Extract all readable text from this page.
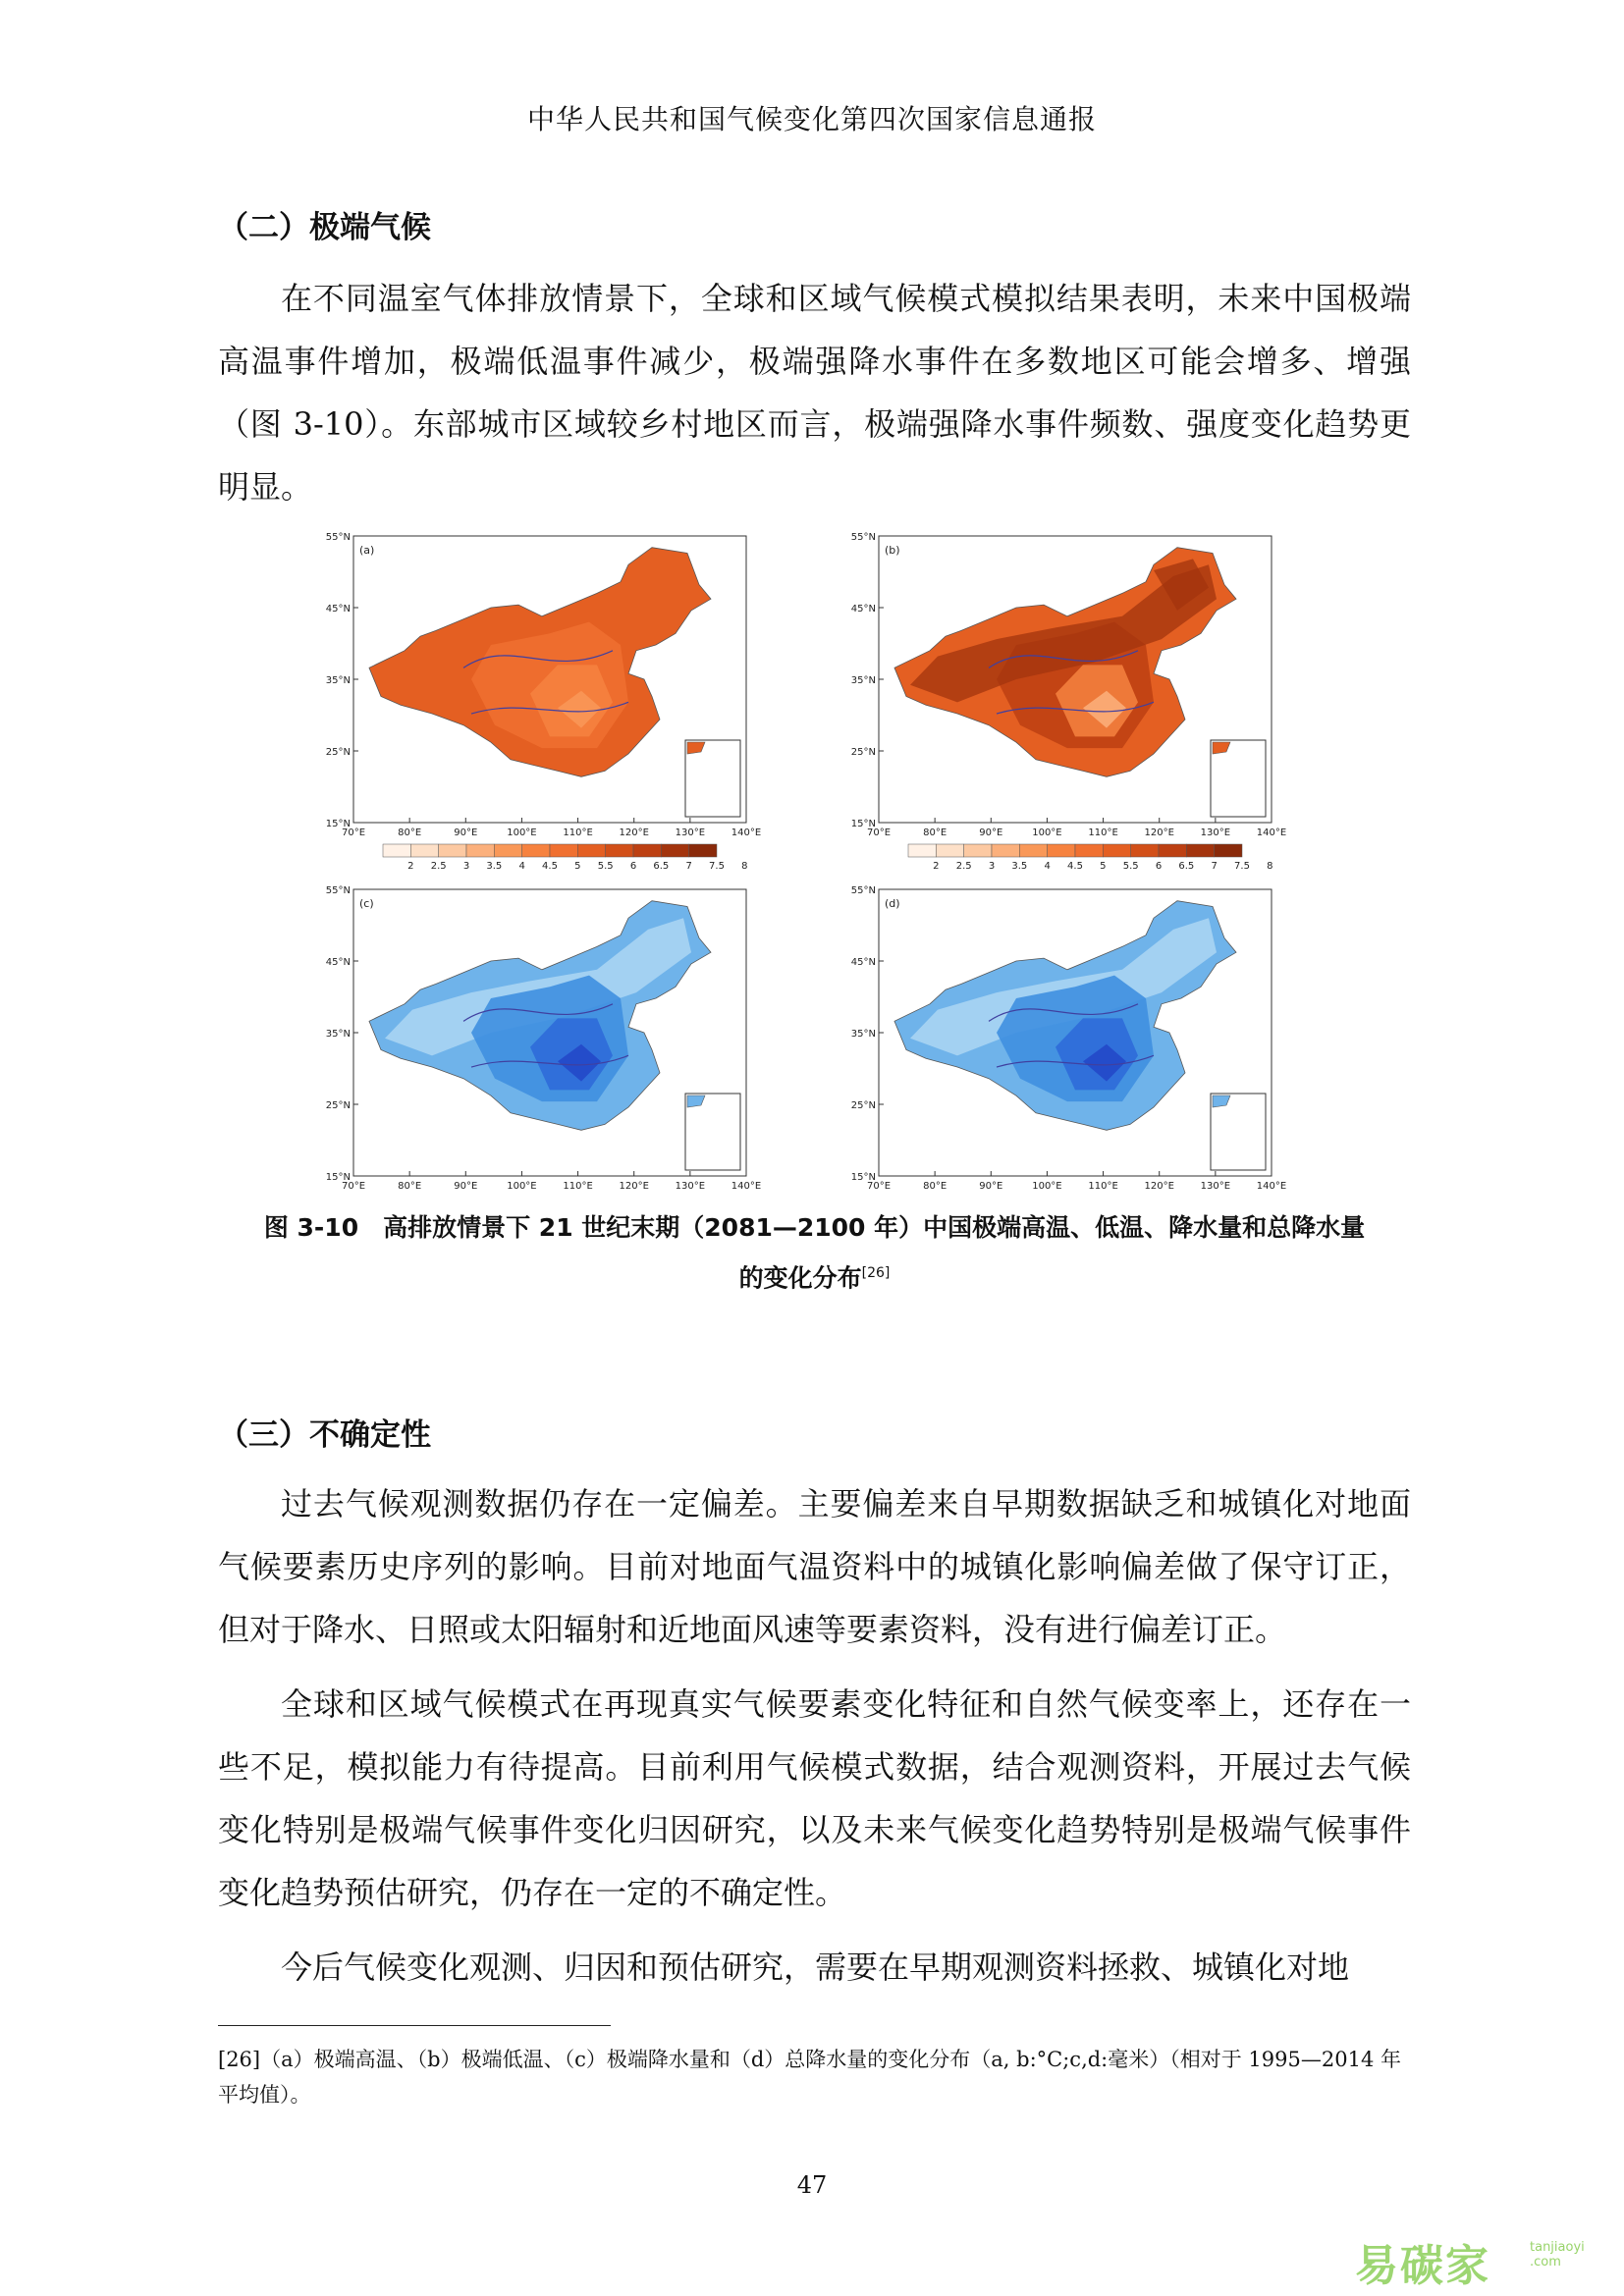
中华人民共和国气候变化第四次国家信息通报
（二）极端气候

在不同温室气体排放情景下，全球和区域气候模式模拟结果表明，未来中国极端高温事件增加，极端低温事件减少，极端强降水事件在多数地区可能会增多、增强（图 3-10）。东部城市区域较乡村地区而言，极端强降水事件频数、强度变化趋势更明显。

(a)
55°N
45°N
35°N
25°N
15°N
70°E	80°E	90°E	100°E	110°E	120°E	130°E	140°E
2 2.5 3 3.5 4 4.5 5 5.5 6 6.5 7 7.5 8
(b)
55°N
45°N
35°N
25°N
15°N
70°E	80°E	90°E	100°E	110°E	120°E	130°E	140°E
2 2.5 3 3.5 4 4.5 5 5.5 6 6.5 7 7.5 8
(c)
55°N
45°N
35°N
25°N
15°N
70°E	80°E	90°E	100°E	110°E	120°E	130°E	140°E
(d)
55°N
45°N
35°N
25°N
15°N
70°E	80°E	90°E	100°E	110°E	120°E	130°E	140°E
图 3-10　高排放情景下 21 世纪末期（2081—2100 年）中国极端高温、低温、降水量和总降水量
的变化分布[26]
（三）不确定性

过去气候观测数据仍存在一定偏差。主要偏差来自早期数据缺乏和城镇化对地面气候要素历史序列的影响。目前对地面气温资料中的城镇化影响偏差做了保守订正，但对于降水、日照或太阳辐射和近地面风速等要素资料，没有进行偏差订正。

全球和区域气候模式在再现真实气候要素变化特征和自然气候变率上，还存在一些不足，模拟能力有待提高。目前利用气候模式数据，结合观测资料，开展过去气候变化特别是极端气候事件变化归因研究，以及未来气候变化趋势特别是极端气候事件变化趋势预估研究，仍存在一定的不确定性。

今后气候变化观测、归因和预估研究，需要在早期观测资料拯救、城镇化对地

[26]（a）极端高温、（b）极端低温、（c）极端降水量和（d）总降水量的变化分布（a, b:°C;c,d:毫米）（相对于 1995—2014 年平均值）。
47
易碳家	tanjiaoyi
.com
